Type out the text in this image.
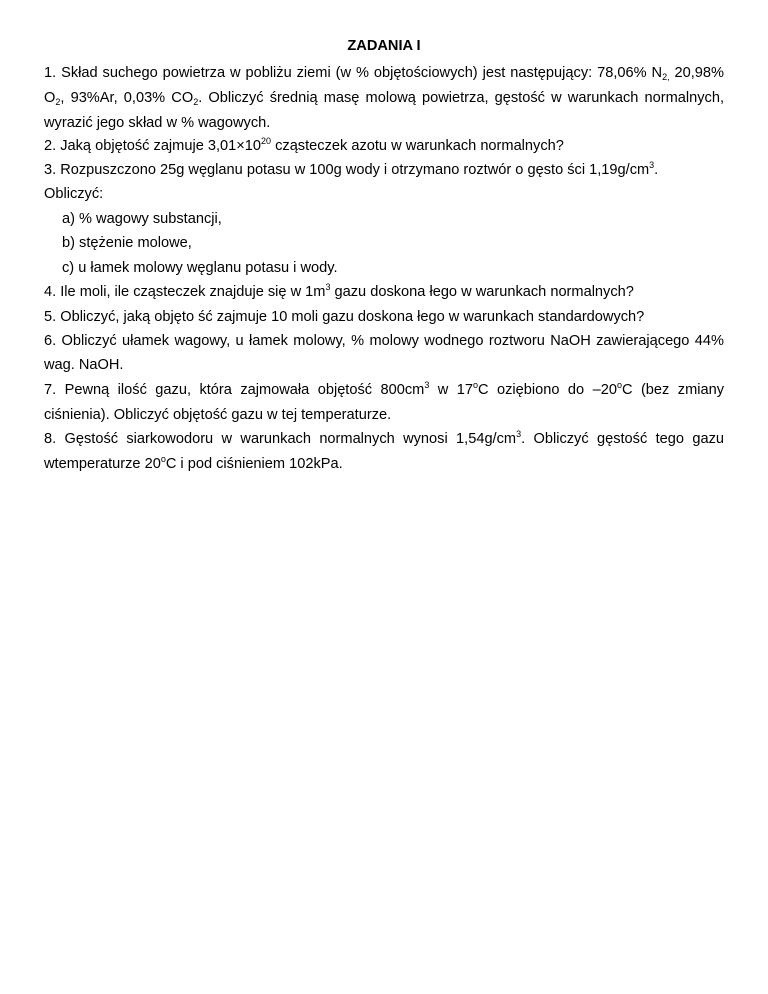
ZADANIA I

1. Skład suchego powietrza w pobliżu ziemi (w % objętościowych) jest następujący: 78,06% $N_{2,}$ 20,98% $O_2$, 93%Ar, 0,03% $CO_2$. Obliczyć średnią masę molową powietrza, gęstość w warunkach normalnych, wyrazić jego skład w % wagowych.

2. Jaką objętość zajmuje $3,01\times 10^{20}$ cząsteczek azotu w warunkach normalnych?

3. Rozpuszczono 25g węglanu potasu w 100g wody i otrzymano roztwór o gęsto ści $1,19g/cm^3$.

Obliczyć:

a) % wagowy substancji,

b) stężenie molowe,

c) u łamek molowy węglanu potasu i wody.

4. Ile moli, ile cząsteczek znajduje się w $1m^3$ gazu doskona łego w warunkach normalnych?

5. Obliczyć, jaką objęto ść zajmuje 10 moli gazu doskona łego w warunkach standardowych?

6. Obliczyć ułamek wagowy, u łamek molowy, % molowy wodnego roztworu NaOH zawierającego 44% wag. NaOH.

7. Pewną ilość gazu, która zajmowała objętość $800cm^3$ w 17$^o$C oziębiono do –20$^o$C (bez zmiany ciśnienia). Obliczyć objętość gazu w tej temperaturze.

8. Gęstość siarkowodoru w warunkach normalnych wynosi $1,54g/cm^3$. Obliczyć gęstość tego gazu wtemperaturze 20$^o$C i pod ciśnieniem 102kPa.
